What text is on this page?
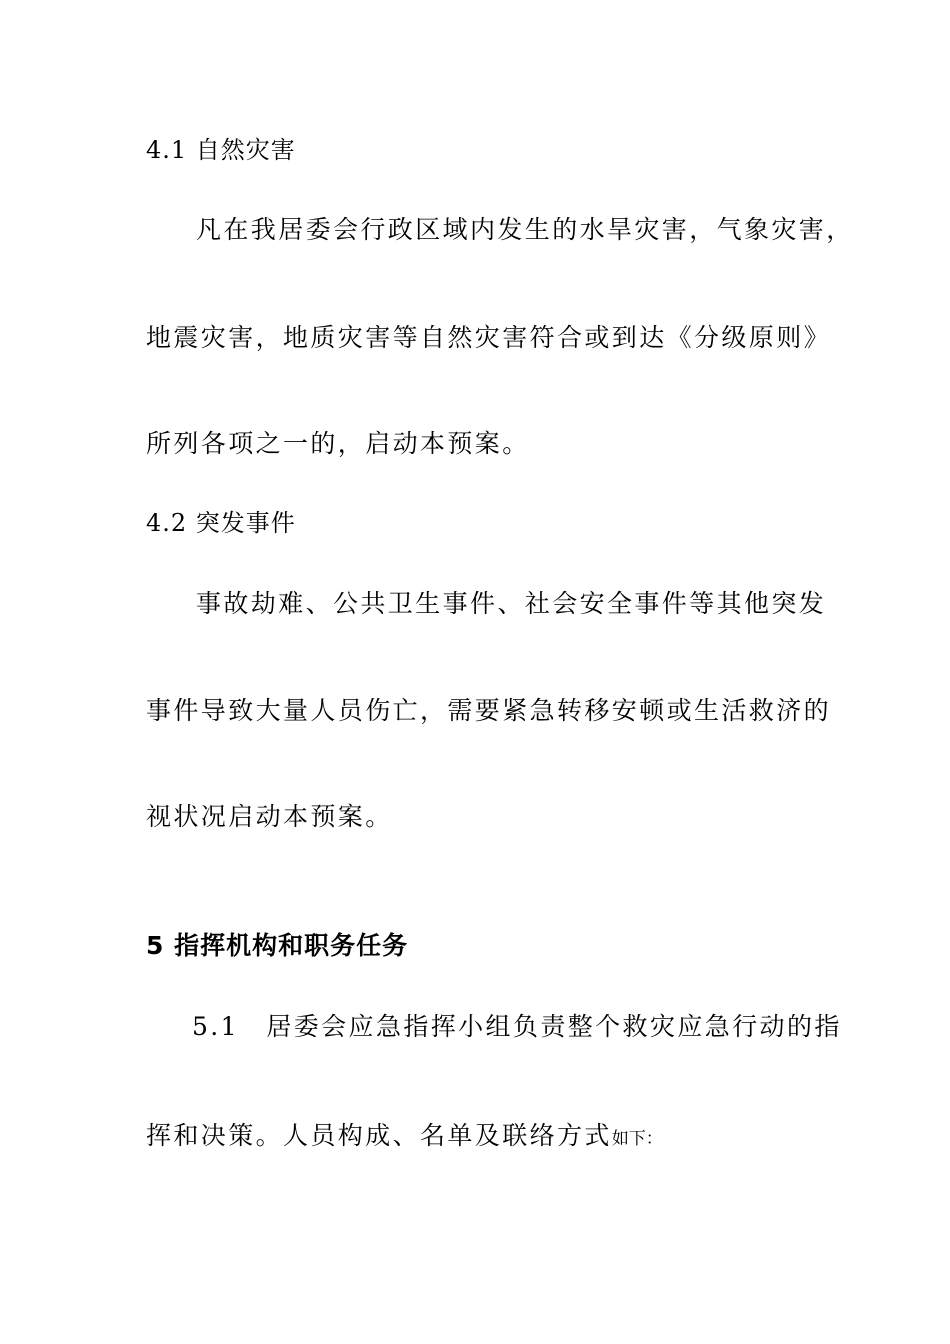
4.1 自然灾害
凡在我居委会行政区域内发生的水旱灾害，气象灾害，
地震灾害，地质灾害等自然灾害符合或到达《分级原则》
所列各项之一的，启动本预案。
4.2 突发事件
事故劫难、公共卫生事件、社会安全事件等其他突发
事件导致大量人员伤亡，需要紧急转移安顿或生活救济的
视状况启动本预案。
5 指挥机构和职务任务
5.1　居委会应急指挥小组负责整个救灾应急行动的指
挥和决策。人员构成、名单及联络方式如下：
